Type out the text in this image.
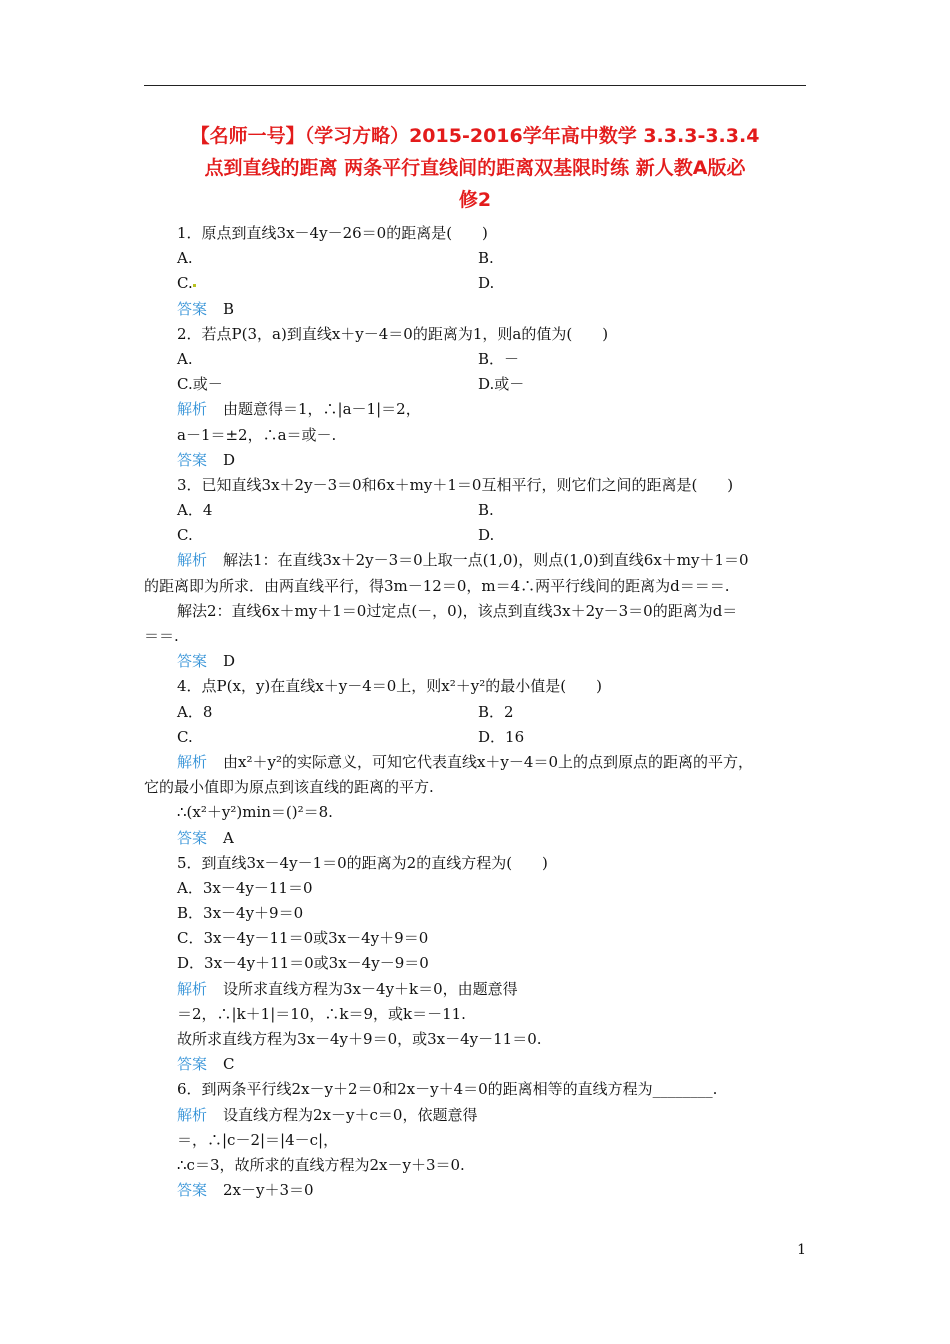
【名师一号】（学习方略）2015-2016学年高中数学 3.3.3-3.3.4
点到直线的距离 两条平行直线间的距离双基限时练 新人教A版必
修2
1．原点到直线3x－4y－26＝0的距离是(　　)
A.	B.
C.	D.
答案 B
2．若点P(3，a)到直线x＋y－4＝0的距离为1，则a的值为(　　)
A.	B．－
C.或－	D.或－
解析 由题意得＝1，∴|a－1|＝2，
a－1＝±2，∴a＝或－.
答案 D
3．已知直线3x＋2y－3＝0和6x＋my＋1＝0互相平行，则它们之间的距离是(　　)
A．4	B.
C.	D.
解析 解法1：在直线3x＋2y－3＝0上取一点(1,0)，则点(1,0)到直线6x＋my＋1＝0
的距离即为所求．由两直线平行，得3m－12＝0，m＝4∴两平行线间的距离为d＝＝＝.
解法2：直线6x＋my＋1＝0过定点(－，0)，该点到直线3x＋2y－3＝0的距离为d＝
＝＝.
答案 D
4．点P(x，y)在直线x＋y－4＝0上，则x²＋y²的最小值是(　　)
A．8	B．2
C.	D．16
解析 由x²＋y²的实际意义，可知它代表直线x＋y－4＝0上的点到原点的距离的平方，
它的最小值即为原点到该直线的距离的平方.
∴(x²＋y²)min＝()²＝8.
答案 A
5．到直线3x－4y－1＝0的距离为2的直线方程为(　　)
A．3x－4y－11＝0
B．3x－4y＋9＝0
C．3x－4y－11＝0或3x－4y＋9＝0
D．3x－4y＋11＝0或3x－4y－9＝0
解析 设所求直线方程为3x－4y＋k＝0，由题意得
＝2，∴|k＋1|＝10，∴k＝9，或k＝－11.
故所求直线方程为3x－4y＋9＝0，或3x－4y－11＝0.
答案 C
6．到两条平行线2x－y＋2＝0和2x－y＋4＝0的距离相等的直线方程为________.
解析 设直线方程为2x－y＋c＝0，依题意得
＝，∴|c－2|＝|4－c|，
∴c＝3，故所求的直线方程为2x－y＋3＝0.
答案 2x－y＋3＝0
1
